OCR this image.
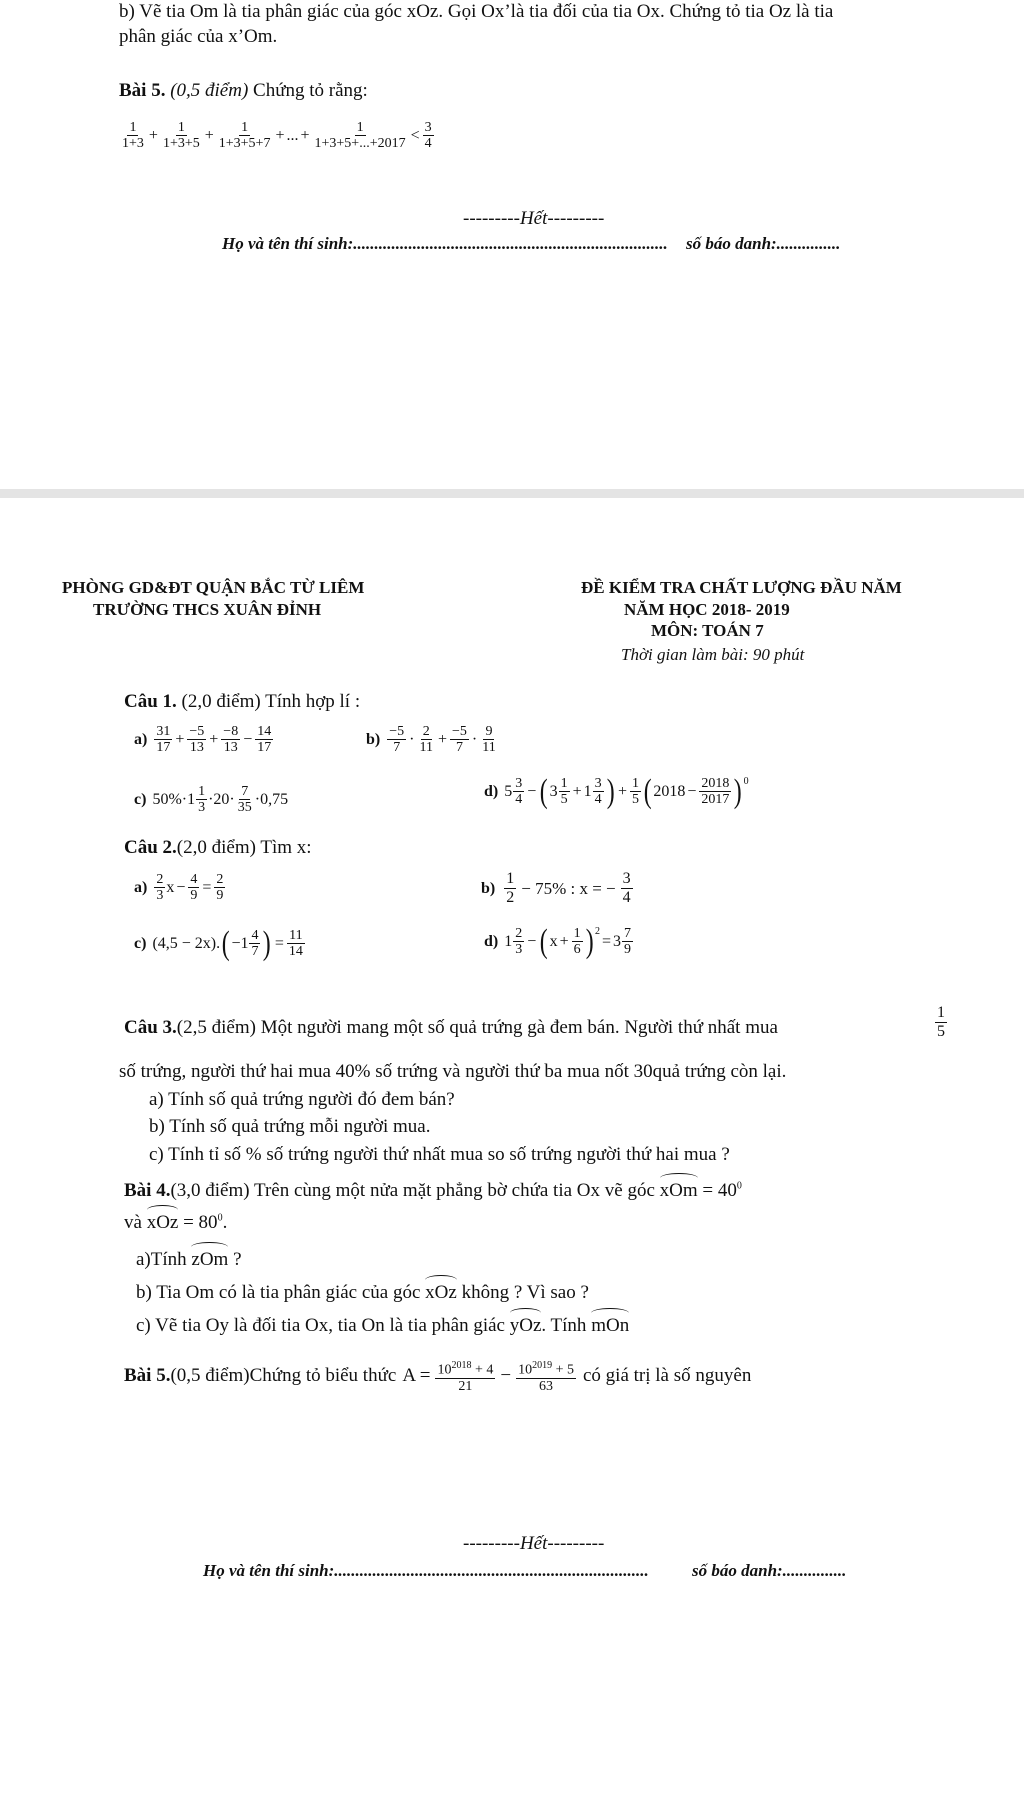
b) Vẽ tia Om là tia phân giác của góc xOz. Gọi Ox’là tia đối của tia Ox. Chứng tỏ tia Oz là tia
phân giác của x’Om.
Bài 5. (0,5 điểm) Chứng tỏ rằng:
$\frac{1}{1+3} + \frac{1}{1+3+5} + \frac{1}{1+3+5+7}$ + ... + $\frac{1}{1+3+5+...+2017} < \frac{3}{4}$
---------Hết---------
Họ và tên thí sinh:.......................................................................... số báo danh:...............
PHÒNG GD&ĐT QUẬN BẮC TỪ LIÊM
TRƯỜNG THCS XUÂN ĐỈNH
ĐỀ KIỂM TRA CHẤT LƯỢNG ĐẦU NĂM
NĂM HỌC 2018- 2019
MÔN: TOÁN 7
Thời gian làm bài: 90 phút
Câu 1. (2,0 điểm) Tính hợp lí :
$a) \frac{31}{17} + \frac{-5}{13} + \frac{-8}{13} - \frac{14}{17}$	$b) \frac{-5}{7} \cdot \frac{2}{11} + \frac{-5}{7} \cdot \frac{9}{11}$
c) $50\%\cdot 1 \frac{1}{3} \cdot 20\cdot \frac{7}{35} \cdot 0,75$	d) $5 \frac{3}{4}$ − ( $3 \frac{1}{5} + 1 \frac{3}{4}$ ) + $\frac{1}{5}$ ( $2018 - \frac{2018}{2017} )^0$
Câu 2.(2,0 điểm) Tìm x:
$a) \frac{2}{3}$ $x - \frac{4}{9} = \frac{2}{9}$	$b) \frac{1}{2} - 75\%$ : x = − $\frac{3}{4}$
c) (4,5 − 2x). ( $-1 \frac{4}{7}$ ) = $\frac{11}{14}$	d) $1 \frac{2}{3}$ − ( $x + \frac{1}{6} )^2$
= $3 \frac{7}{9}$
Câu 3.(2,5 điểm) Một người mang một số quả trứng gà đem bán. Người thứ nhất mua	$\frac{1}{5}$
số trứng, người thứ hai mua 40% số trứng và người thứ ba mua nốt 30quả trứng còn lại.
a) Tính số quả trứng người đó đem bán?
b) Tính số quả trứng mỗi người mua.
c) Tính tỉ số % số trứng người thứ nhất mua so số trứng người thứ hai mua ?
Bài 4.(3,0 điểm) Trên cùng một nửa mặt phẳng bờ chứa tia Ox vẽ góc xOm = $40^0$
và xOz = $80^0$.
a)Tính zOm ?
b) Tia Om có là tia phân giác của góc xOz không ? Vì sao ?
c) Vẽ tia Oy là đối tia Ox, tia On là tia phân giác yOz. Tính mOn
Bài 5. (0,5 điểm)Chứng tỏ biểu thức $A = \frac{10^{2018} + 4}{21} - \frac{10^{2019} + 5}{63}$ có giá trị là số nguyên
---------Hết---------
Họ và tên thí sinh:..........................................................................	số báo danh:...............
